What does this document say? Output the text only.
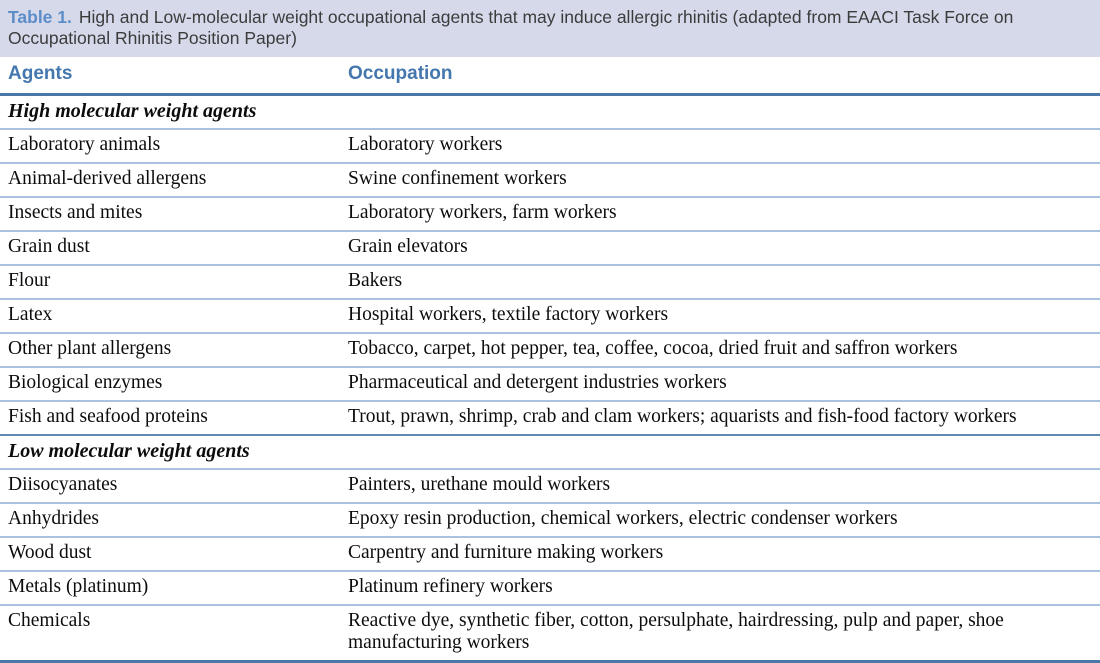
Table 1. High and Low-molecular weight occupational agents that may induce allergic rhinitis (adapted from EAACI Task Force on Occupational Rhinitis Position Paper)
Agents	Occupation
High molecular weight agents	
Laboratory animals	Laboratory workers
Animal-derived allergens	Swine confinement workers
Insects and mites	Laboratory workers, farm workers
Grain dust	Grain elevators
Flour	Bakers
Latex	Hospital workers, textile factory workers
Other plant allergens	Tobacco, carpet, hot pepper, tea, coffee, cocoa, dried fruit and saffron workers
Biological enzymes	Pharmaceutical and detergent industries workers
Fish and seafood proteins	Trout, prawn, shrimp, crab and clam workers; aquarists and fish-food factory workers
Low molecular weight agents	
Diisocyanates	Painters, urethane mould workers
Anhydrides	Epoxy resin production, chemical workers, electric condenser workers
Wood dust	Carpentry and furniture making workers
Metals (platinum)	Platinum refinery workers
Chemicals	Reactive dye, synthetic fiber, cotton, persulphate, hairdressing, pulp and paper, shoe manufacturing workers
